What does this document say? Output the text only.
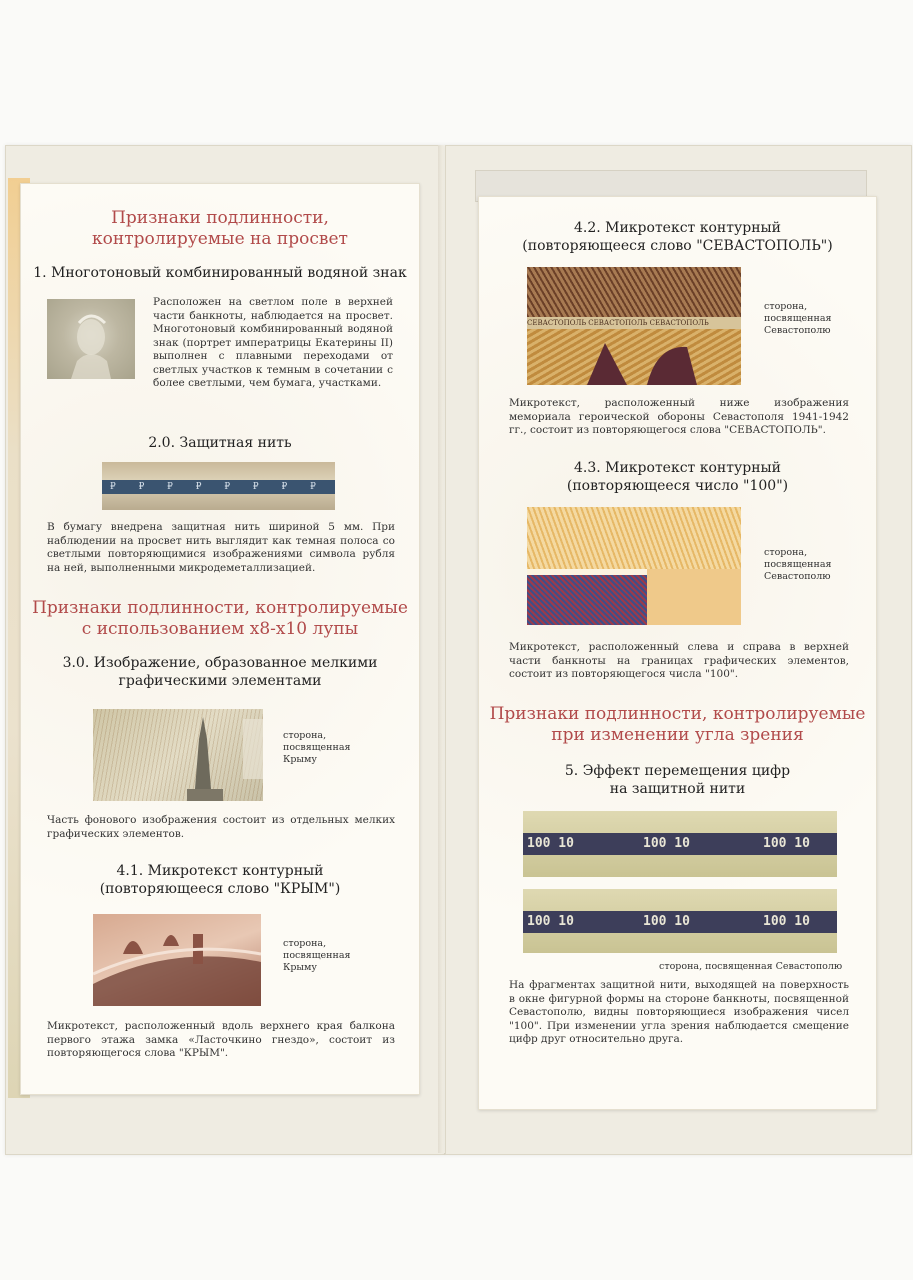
Признаки подлинности,
контролируемые на просвет
1. Многотоновый комбинированный водяной знак
Расположен на светлом поле в верхней части банкноты, наблюдается на просвет. Многотоновый комбинированный водяной знак (портрет императрицы Екатерины II) выполнен с плавными переходами от светлых участков к темным в сочетании с более светлыми, чем бумага, участками.
2.0. Защитная нить
₽ ₽ ₽ ₽ ₽ ₽ ₽ ₽
В бумагу внедрена защитная нить шириной 5 мм. При наблюдении на просвет нить выглядит как темная полоса со светлыми повторяющимися изображениями символа рубля на ней, выполненными микродеметаллизацией.
Признаки подлинности, контролируемые
с использованием х8-х10 лупы
3.0. Изображение, образованное мелкими
графическими элементами
сторона,
посвященная
Крыму
Часть фонового изображения состоит из отдельных мелких графических элементов.
4.1. Микротекст контурный
(повторяющееся слово "КРЫМ")
сторона,
посвященная
Крыму
Микротекст, расположенный вдоль верхнего края балкона первого этажа замка «Ласточкино гнездо», состоит из повторяющегося слова "КРЫМ".
4.2. Микротекст контурный
(повторяющееся слово "СЕВАСТОПОЛЬ")
СЕВАСТОПОЛЬ СЕВАСТОПОЛЬ СЕВАСТОПОЛЬ
сторона,
посвященная
Севастополю
Микротекст, расположенный ниже изображения мемориала героической обороны Севастополя 1941-1942 гг., состоит из повторяющегося слова "СЕВАСТОПОЛЬ".
4.3. Микротекст контурный
(повторяющееся число "100")
сторона,
посвященная
Севастополю
Микротекст, расположенный слева и справа в верхней части банкноты на границах графических элементов, состоит из повторяющегося числа "100".
Признаки подлинности, контролируемые
при изменении угла зрения
5. Эффект перемещения цифр
на защитной нити
100 10	100 10	100 10
100 10	100 10	100 10
сторона, посвященная Севастополю
На фрагментах защитной нити, выходящей на поверхность в окне фигурной формы на стороне банкноты, посвященной Севастополю, видны повторяющиеся изображения чисел "100". При изменении угла зрения наблюдается смещение цифр друг относительно друга.
